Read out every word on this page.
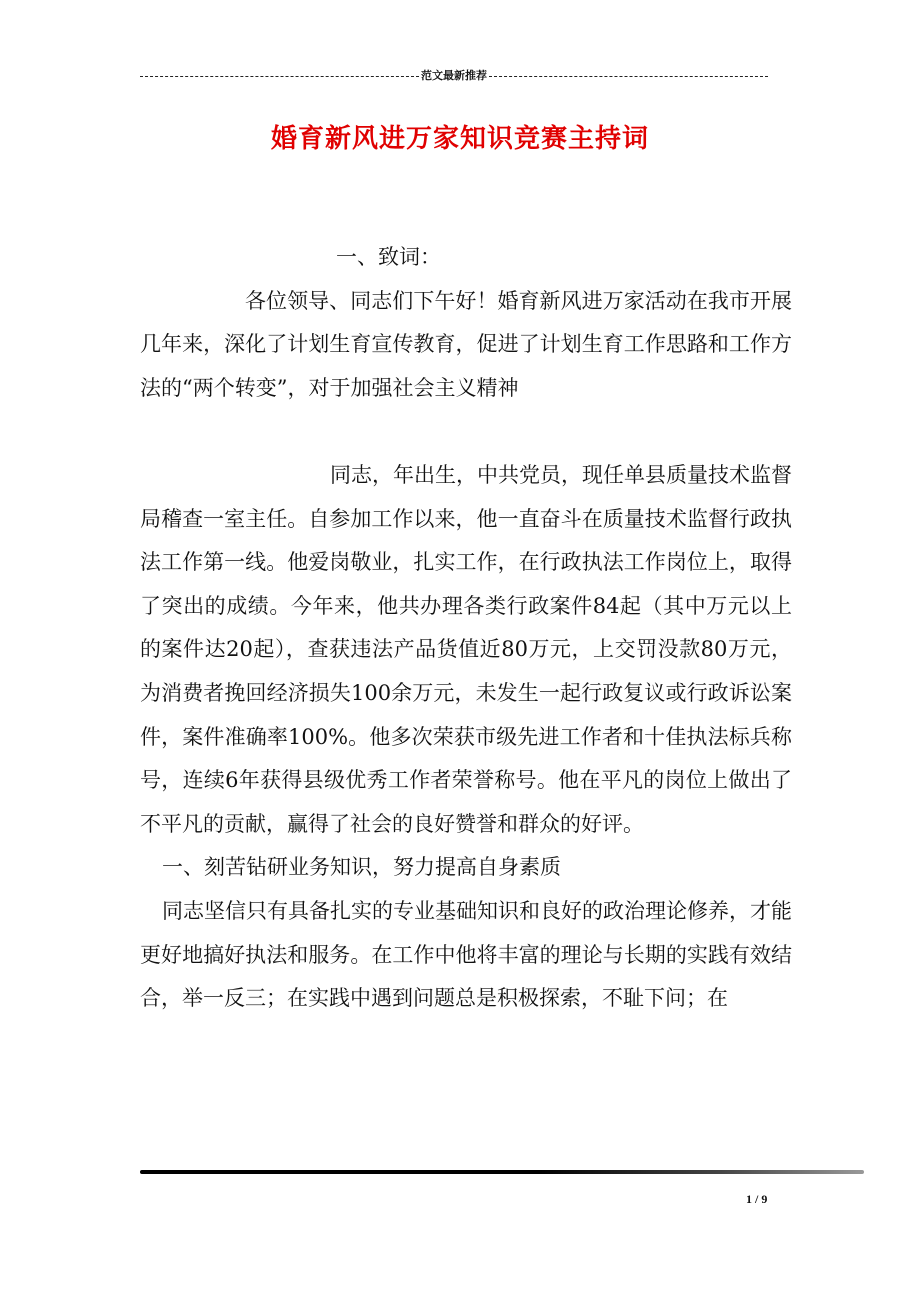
范文最新推荐
婚育新风进万家知识竞赛主持词

一、致词：

各位领导、同志们下午好！婚育新风进万家活动在我市开展几年来，深化了计划生育宣传教育，促进了计划生育工作思路和工作方法的“两个转变”，对于加强社会主义精神

同志，年出生，中共党员，现任单县质量技术监督局稽查一室主任。自参加工作以来，他一直奋斗在质量技术监督行政执法工作第一线。他爱岗敬业，扎实工作，在行政执法工作岗位上，取得了突出的成绩。今年来，他共办理各类行政案件84起（其中万元以上的案件达20起），查获违法产品货值近80万元，上交罚没款80万元，为消费者挽回经济损失100余万元，未发生一起行政复议或行政诉讼案件，案件准确率100%。他多次荣获市级先进工作者和十佳执法标兵称号，连续6年获得县级优秀工作者荣誉称号。他在平凡的岗位上做出了不平凡的贡献，赢得了社会的良好赞誉和群众的好评。

一、刻苦钻研业务知识，努力提高自身素质

同志坚信只有具备扎实的专业基础知识和良好的政治理论修养，才能更好地搞好执法和服务。在工作中他将丰富的理论与长期的实践有效结合，举一反三；在实践中遇到问题总是积极探索，不耻下问；在

1 / 9
